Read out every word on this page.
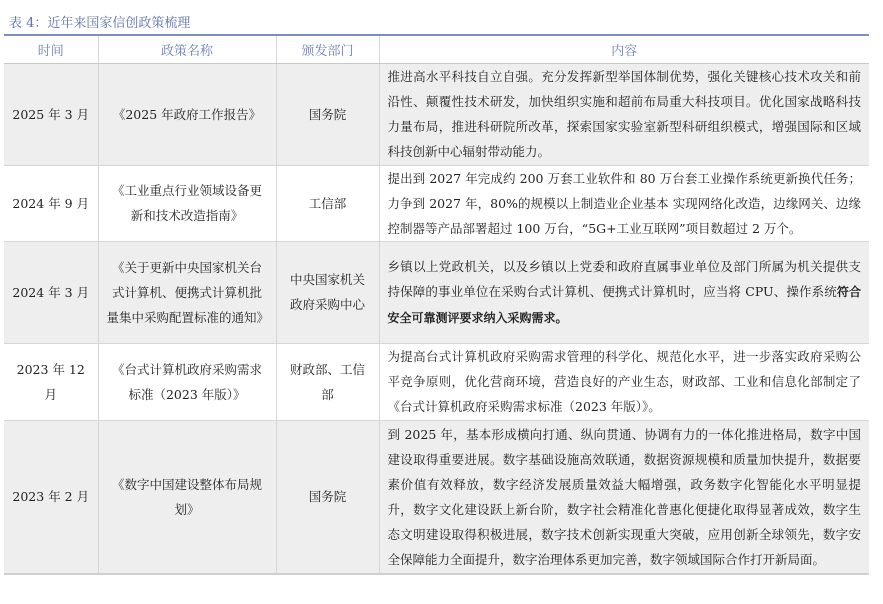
表 4：近年来国家信创政策梳理
时间	政策名称	颁发部门	内容
2025 年 3 月	《2025 年政府工作报告》	国务院	推进高水平科技自立自强。充分发挥新型举国体制优势，强化关键核心技术攻关和前沿性、颠覆性技术研发，加快组织实施和超前布局重大科技项目。优化国家战略科技力量布局，推进科研院所改革，探索国家实验室新型科研组织模式，增强国际和区域科技创新中心辐射带动能力。
2024 年 9 月	《工业重点行业领域设备更新和技术改造指南》	工信部	提出到 2027 年完成约 200 万套工业软件和 80 万台套工业操作系统更新换代任务；力争到 2027 年，80%的规模以上制造业企业基本 实现网络化改造，边缘网关、边缘控制器等产品部署超过 100 万台，“5G+工业互联网”项目数超过 2 万个。
2024 年 3 月	《关于更新中央国家机关台式计算机、便携式计算机批量集中采购配置标准的通知》	中央国家机关政府采购中心	乡镇以上党政机关，以及乡镇以上党委和政府直属事业单位及部门所属为机关提供支持保障的事业单位在采购台式计算机、便携式计算机时，应当将 CPU、操作系统符合安全可靠测评要求纳入采购需求。
2023 年 12 月	《台式计算机政府采购需求标准（2023 年版）》	财政部、工信部	为提高台式计算机政府采购需求管理的科学化、规范化水平，进一步落实政府采购公平竞争原则，优化营商环境，营造良好的产业生态，财政部、工业和信息化部制定了《台式计算机政府采购需求标准（2023 年版）》。
2023 年 2 月	《数字中国建设整体布局规划》	国务院	到 2025 年，基本形成横向打通、纵向贯通、协调有力的一体化推进格局，数字中国建设取得重要进展。数字基础设施高效联通，数据资源规模和质量加快提升，数据要素价值有效释放，数字经济发展质量效益大幅增强，政务数字化智能化水平明显提升，数字文化建设跃上新台阶，数字社会精准化普惠化便捷化取得显著成效，数字生态文明建设取得积极进展，数字技术创新实现重大突破，应用创新全球领先，数字安全保障能力全面提升，数字治理体系更加完善，数字领域国际合作打开新局面。
